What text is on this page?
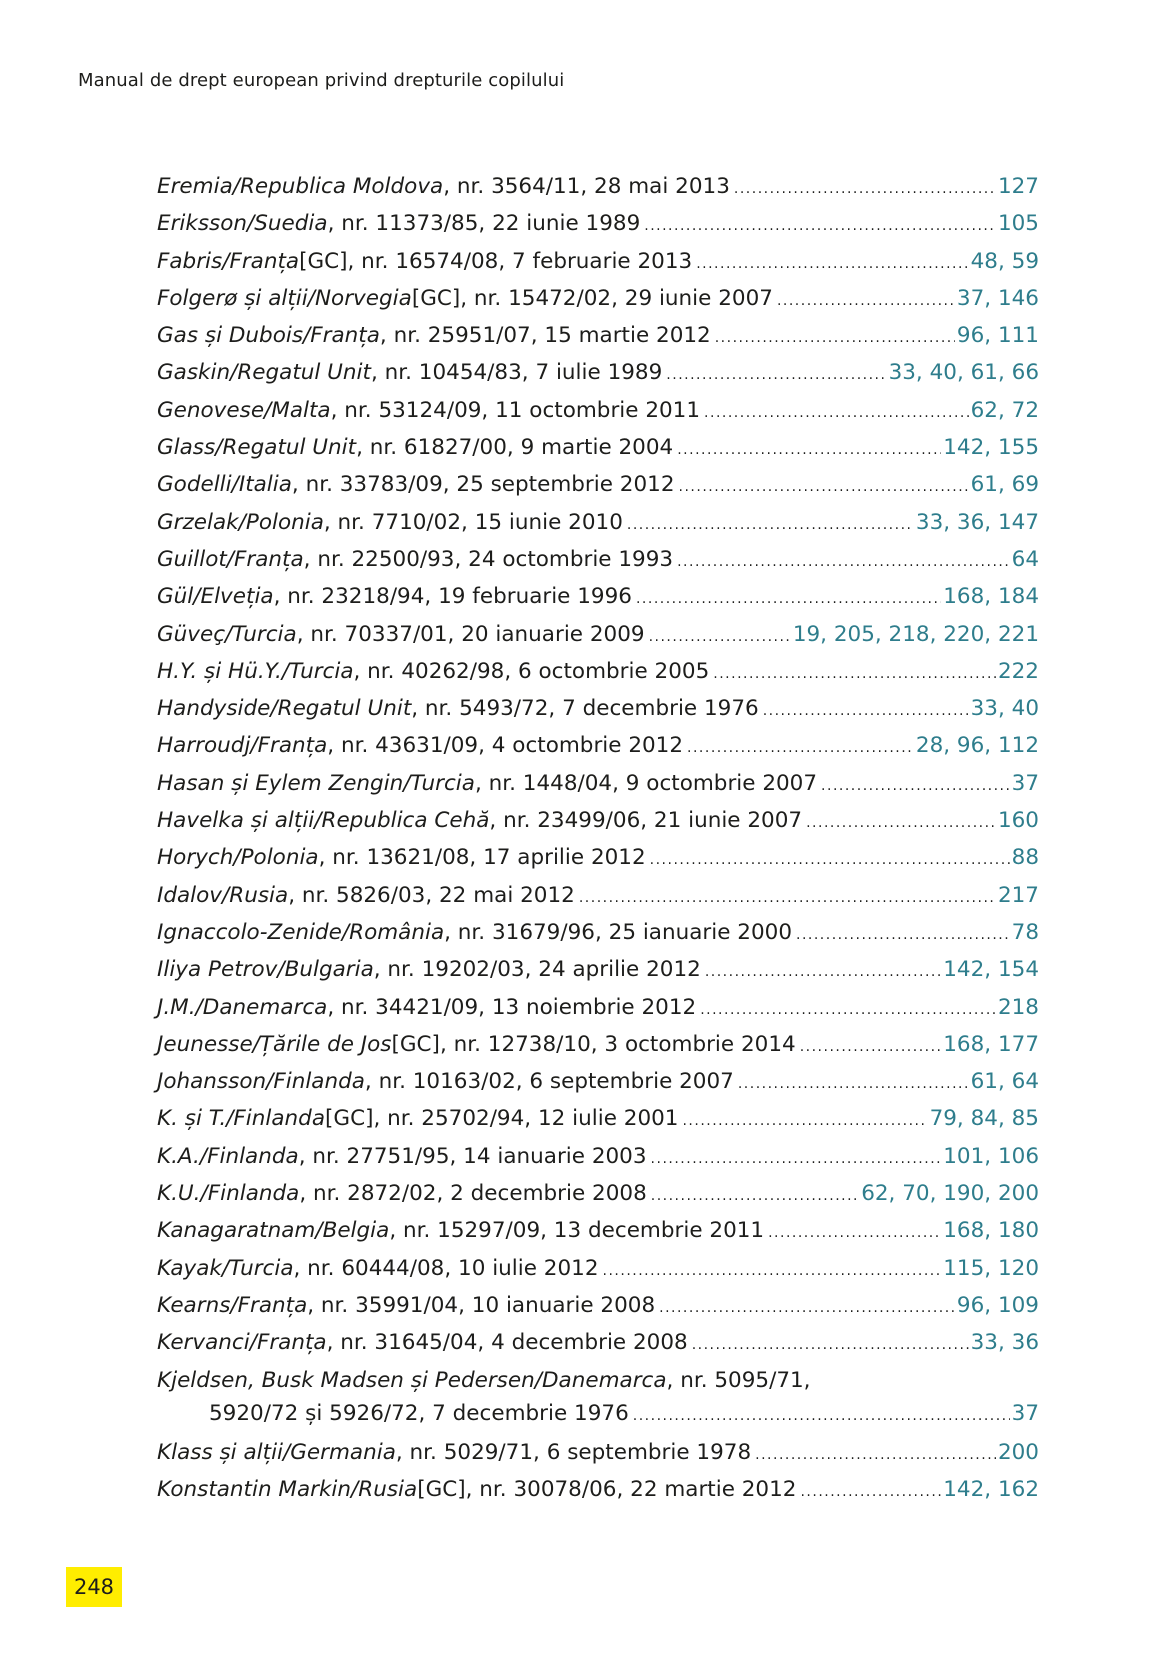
Manual de drept european privind drepturile copilului
Eremia/Republica Moldova , nr. 3564/11, 28 mai 2013 .....	127
Eriksson/Suedia , nr. 11373/85, 22 iunie 1989 .....	105
Fabris/Franța [GC] , nr. 16574/08, 7 februarie 2013 .....	48, 59
Folgerø și alții/Norvegia [GC] , nr. 15472/02, 29 iunie 2007 .....	37, 146
Gas și Dubois/Franța , nr. 25951/07, 15 martie 2012 .....	96, 111
Gaskin/Regatul Unit , nr. 10454/83, 7 iulie 1989 .....	33, 40, 61, 66
Genovese/Malta , nr. 53124/09, 11 octombrie 2011 .....	62, 72
Glass/Regatul Unit , nr. 61827/00, 9 martie 2004 .....	142, 155
Godelli/Italia , nr. 33783/09, 25 septembrie 2012 .....	61, 69
Grzelak/Polonia , nr. 7710/02, 15 iunie 2010 .....	33, 36, 147
Guillot/Franța , nr. 22500/93, 24 octombrie 1993 .....	64
Gül/Elveția , nr. 23218/94, 19 februarie 1996 .....	168, 184
Güveç/Turcia , nr. 70337/01, 20 ianuarie 2009 .....	19, 205, 218, 220, 221
H.Y. și Hü.Y./Turcia , nr. 40262/98, 6 octombrie 2005 .....	222
Handyside/Regatul Unit , nr. 5493/72, 7 decembrie 1976 .....	33, 40
Harroudj/Franța , nr. 43631/09, 4 octombrie 2012 .....	28, 96, 112
Hasan și Eylem Zengin/Turcia , nr. 1448/04, 9 octombrie 2007 .....	37
Havelka și alții/Republica Cehă , nr. 23499/06, 21 iunie 2007 .....	160
Horych/Polonia , nr. 13621/08, 17 aprilie 2012 .....	88
Idalov/Rusia , nr. 5826/03, 22 mai 2012 .....	217
Ignaccolo-Zenide/România , nr. 31679/96, 25 ianuarie 2000 .....	78
Iliya Petrov/Bulgaria , nr. 19202/03, 24 aprilie 2012 .....	142, 154
J.M./Danemarca , nr. 34421/09, 13 noiembrie 2012 .....	218
Jeunesse/Țările de Jos [GC] , nr. 12738/10, 3 octombrie 2014 .....	168, 177
Johansson/Finlanda , nr. 10163/02, 6 septembrie 2007 .....	61, 64
K. și T./Finlanda [GC] , nr. 25702/94, 12 iulie 2001 .....	79, 84, 85
K.A./Finlanda , nr. 27751/95, 14 ianuarie 2003 .....	101, 106
K.U./Finlanda , nr. 2872/02, 2 decembrie 2008 .....	62, 70, 190, 200
Kanagaratnam/Belgia , nr. 15297/09, 13 decembrie 2011 .....	168, 180
Kayak/Turcia , nr. 60444/08, 10 iulie 2012 .....	115, 120
Kearns/Franța , nr. 35991/04, 10 ianuarie 2008 .....	96, 109
Kervanci/Franța , nr. 31645/04, 4 decembrie 2008 .....	33, 36
Kjeldsen, Busk Madsen și Pedersen/Danemarca, nr. 5095/71,
5920/72 și 5926/72, 7 decembrie 1976 .....	37
Klass și alții/Germania , nr. 5029/71, 6 septembrie 1978 .....	200
Konstantin Markin/Rusia [GC] , nr. 30078/06, 22 martie 2012 .....	142, 162
248
